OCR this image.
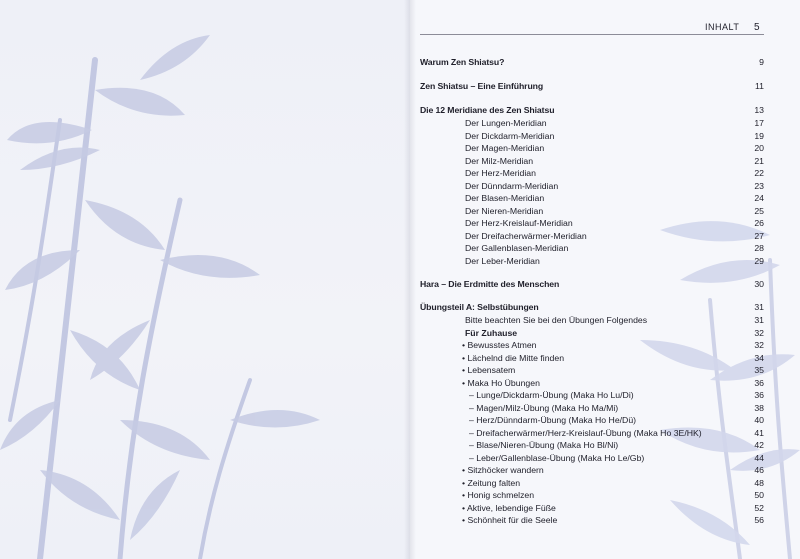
INHALT 5
Warum Zen Shiatsu?	9
Zen Shiatsu – Eine Einführung	11
Die 12 Meridiane des Zen Shiatsu	13
Der Lungen-Meridian	17
Der Dickdarm-Meridian	19
Der Magen-Meridian	20
Der Milz-Meridian	21
Der Herz-Meridian	22
Der Dünndarm-Meridian	23
Der Blasen-Meridian	24
Der Nieren-Meridian	25
Der Herz-Kreislauf-Meridian	26
Der Dreifacherwärmer-Meridian	27
Der Gallenblasen-Meridian	28
Der Leber-Meridian	29
Hara – Die Erdmitte des Menschen	30
Übungsteil A: Selbstübungen	31
Bitte beachten Sie bei den Übungen Folgendes	31
Für Zuhause	32
• Bewusstes Atmen	32
• Lächelnd die Mitte finden	34
• Lebensatem	35
• Maka Ho Übungen	36
– Lunge/Dickdarm-Übung (Maka Ho Lu/Di)	36
– Magen/Milz-Übung (Maka Ho Ma/Mi)	38
– Herz/Dünndarm-Übung (Maka Ho He/Dü)	40
– Dreifacherwärmer/Herz-Kreislauf-Übung (Maka Ho 3E/HK)	41
– Blase/Nieren-Übung (Maka Ho Bl/Ni)	42
– Leber/Gallenblase-Übung (Maka Ho Le/Gb)	44
• Sitzhöcker wandern	46
• Zeitung falten	48
• Honig schmelzen	50
• Aktive, lebendige Füße	52
• Schönheit für die Seele	56
